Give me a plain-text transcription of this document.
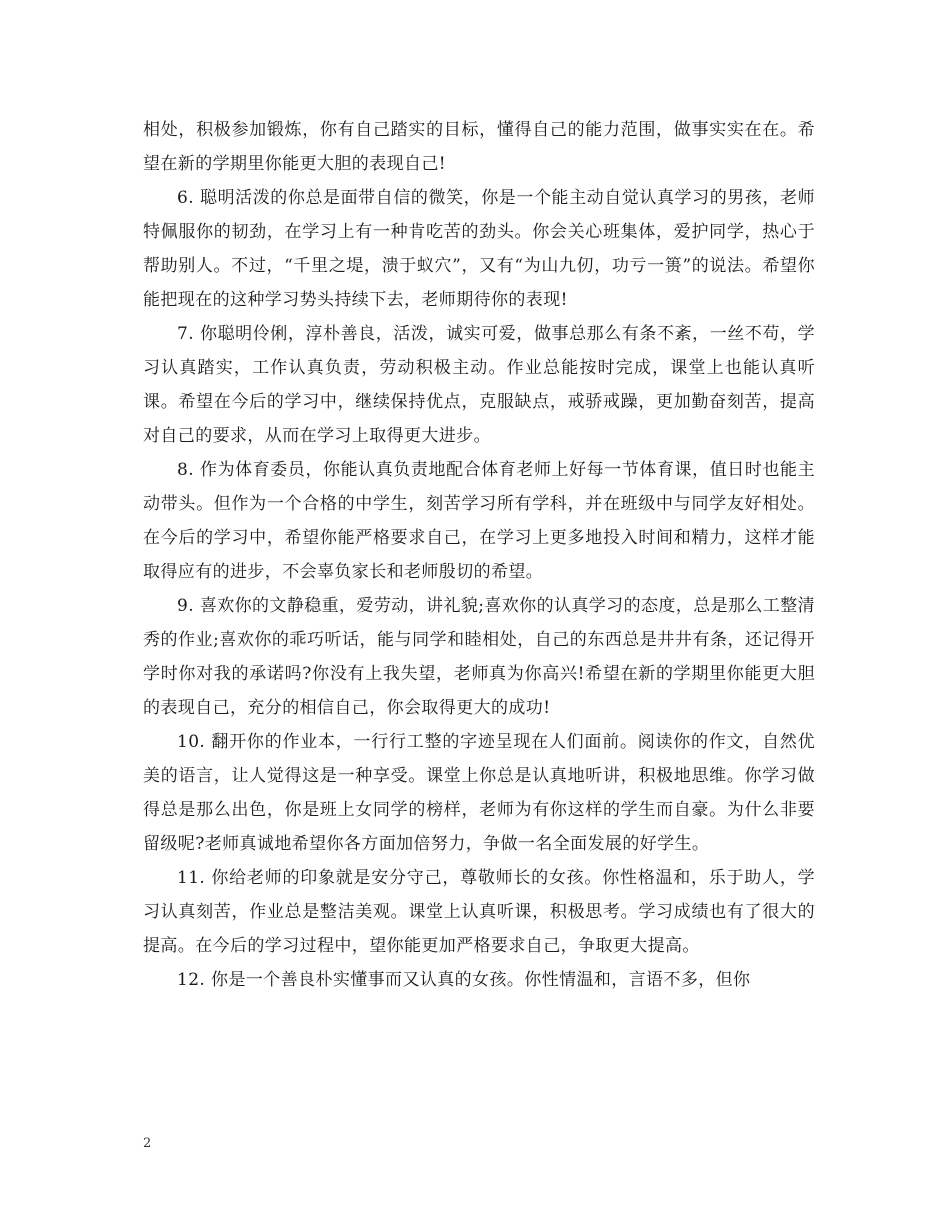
相处，积极参加锻炼，你有自己踏实的目标，懂得自己的能力范围，做事实实在在。希望在新的学期里你能更大胆的表现自己!

6. 聪明活泼的你总是面带自信的微笑，你是一个能主动自觉认真学习的男孩，老师特佩服你的韧劲，在学习上有一种肯吃苦的劲头。你会关心班集体，爱护同学，热心于帮助别人。不过，“千里之堤，溃于蚁穴”，又有“为山九仞，功亏一篑”的说法。希望你能把现在的这种学习势头持续下去，老师期待你的表现!

7. 你聪明伶俐，淳朴善良，活泼，诚实可爱，做事总那么有条不紊，一丝不苟，学习认真踏实，工作认真负责，劳动积极主动。作业总能按时完成，课堂上也能认真听课。希望在今后的学习中，继续保持优点，克服缺点，戒骄戒躁，更加勤奋刻苦，提高对自己的要求，从而在学习上取得更大进步。

8. 作为体育委员，你能认真负责地配合体育老师上好每一节体育课，值日时也能主动带头。但作为一个合格的中学生，刻苦学习所有学科，并在班级中与同学友好相处。在今后的学习中，希望你能严格要求自己，在学习上更多地投入时间和精力，这样才能取得应有的进步，不会辜负家长和老师殷切的希望。

9. 喜欢你的文静稳重，爱劳动，讲礼貌;喜欢你的认真学习的态度，总是那么工整清秀的作业;喜欢你的乖巧听话，能与同学和睦相处，自己的东西总是井井有条，还记得开学时你对我的承诺吗?你没有上我失望，老师真为你高兴!希望在新的学期里你能更大胆的表现自己，充分的相信自己，你会取得更大的成功!

10. 翻开你的作业本，一行行工整的字迹呈现在人们面前。阅读你的作文，自然优美的语言，让人觉得这是一种享受。课堂上你总是认真地听讲，积极地思维。你学习做得总是那么出色，你是班上女同学的榜样，老师为有你这样的学生而自豪。为什么非要留级呢?老师真诚地希望你各方面加倍努力，争做一名全面发展的好学生。

11. 你给老师的印象就是安分守己，尊敬师长的女孩。你性格温和，乐于助人，学习认真刻苦，作业总是整洁美观。课堂上认真听课，积极思考。学习成绩也有了很大的提高。在今后的学习过程中，望你能更加严格要求自己，争取更大提高。

12. 你是一个善良朴实懂事而又认真的女孩。你性情温和，言语不多，但你

2
